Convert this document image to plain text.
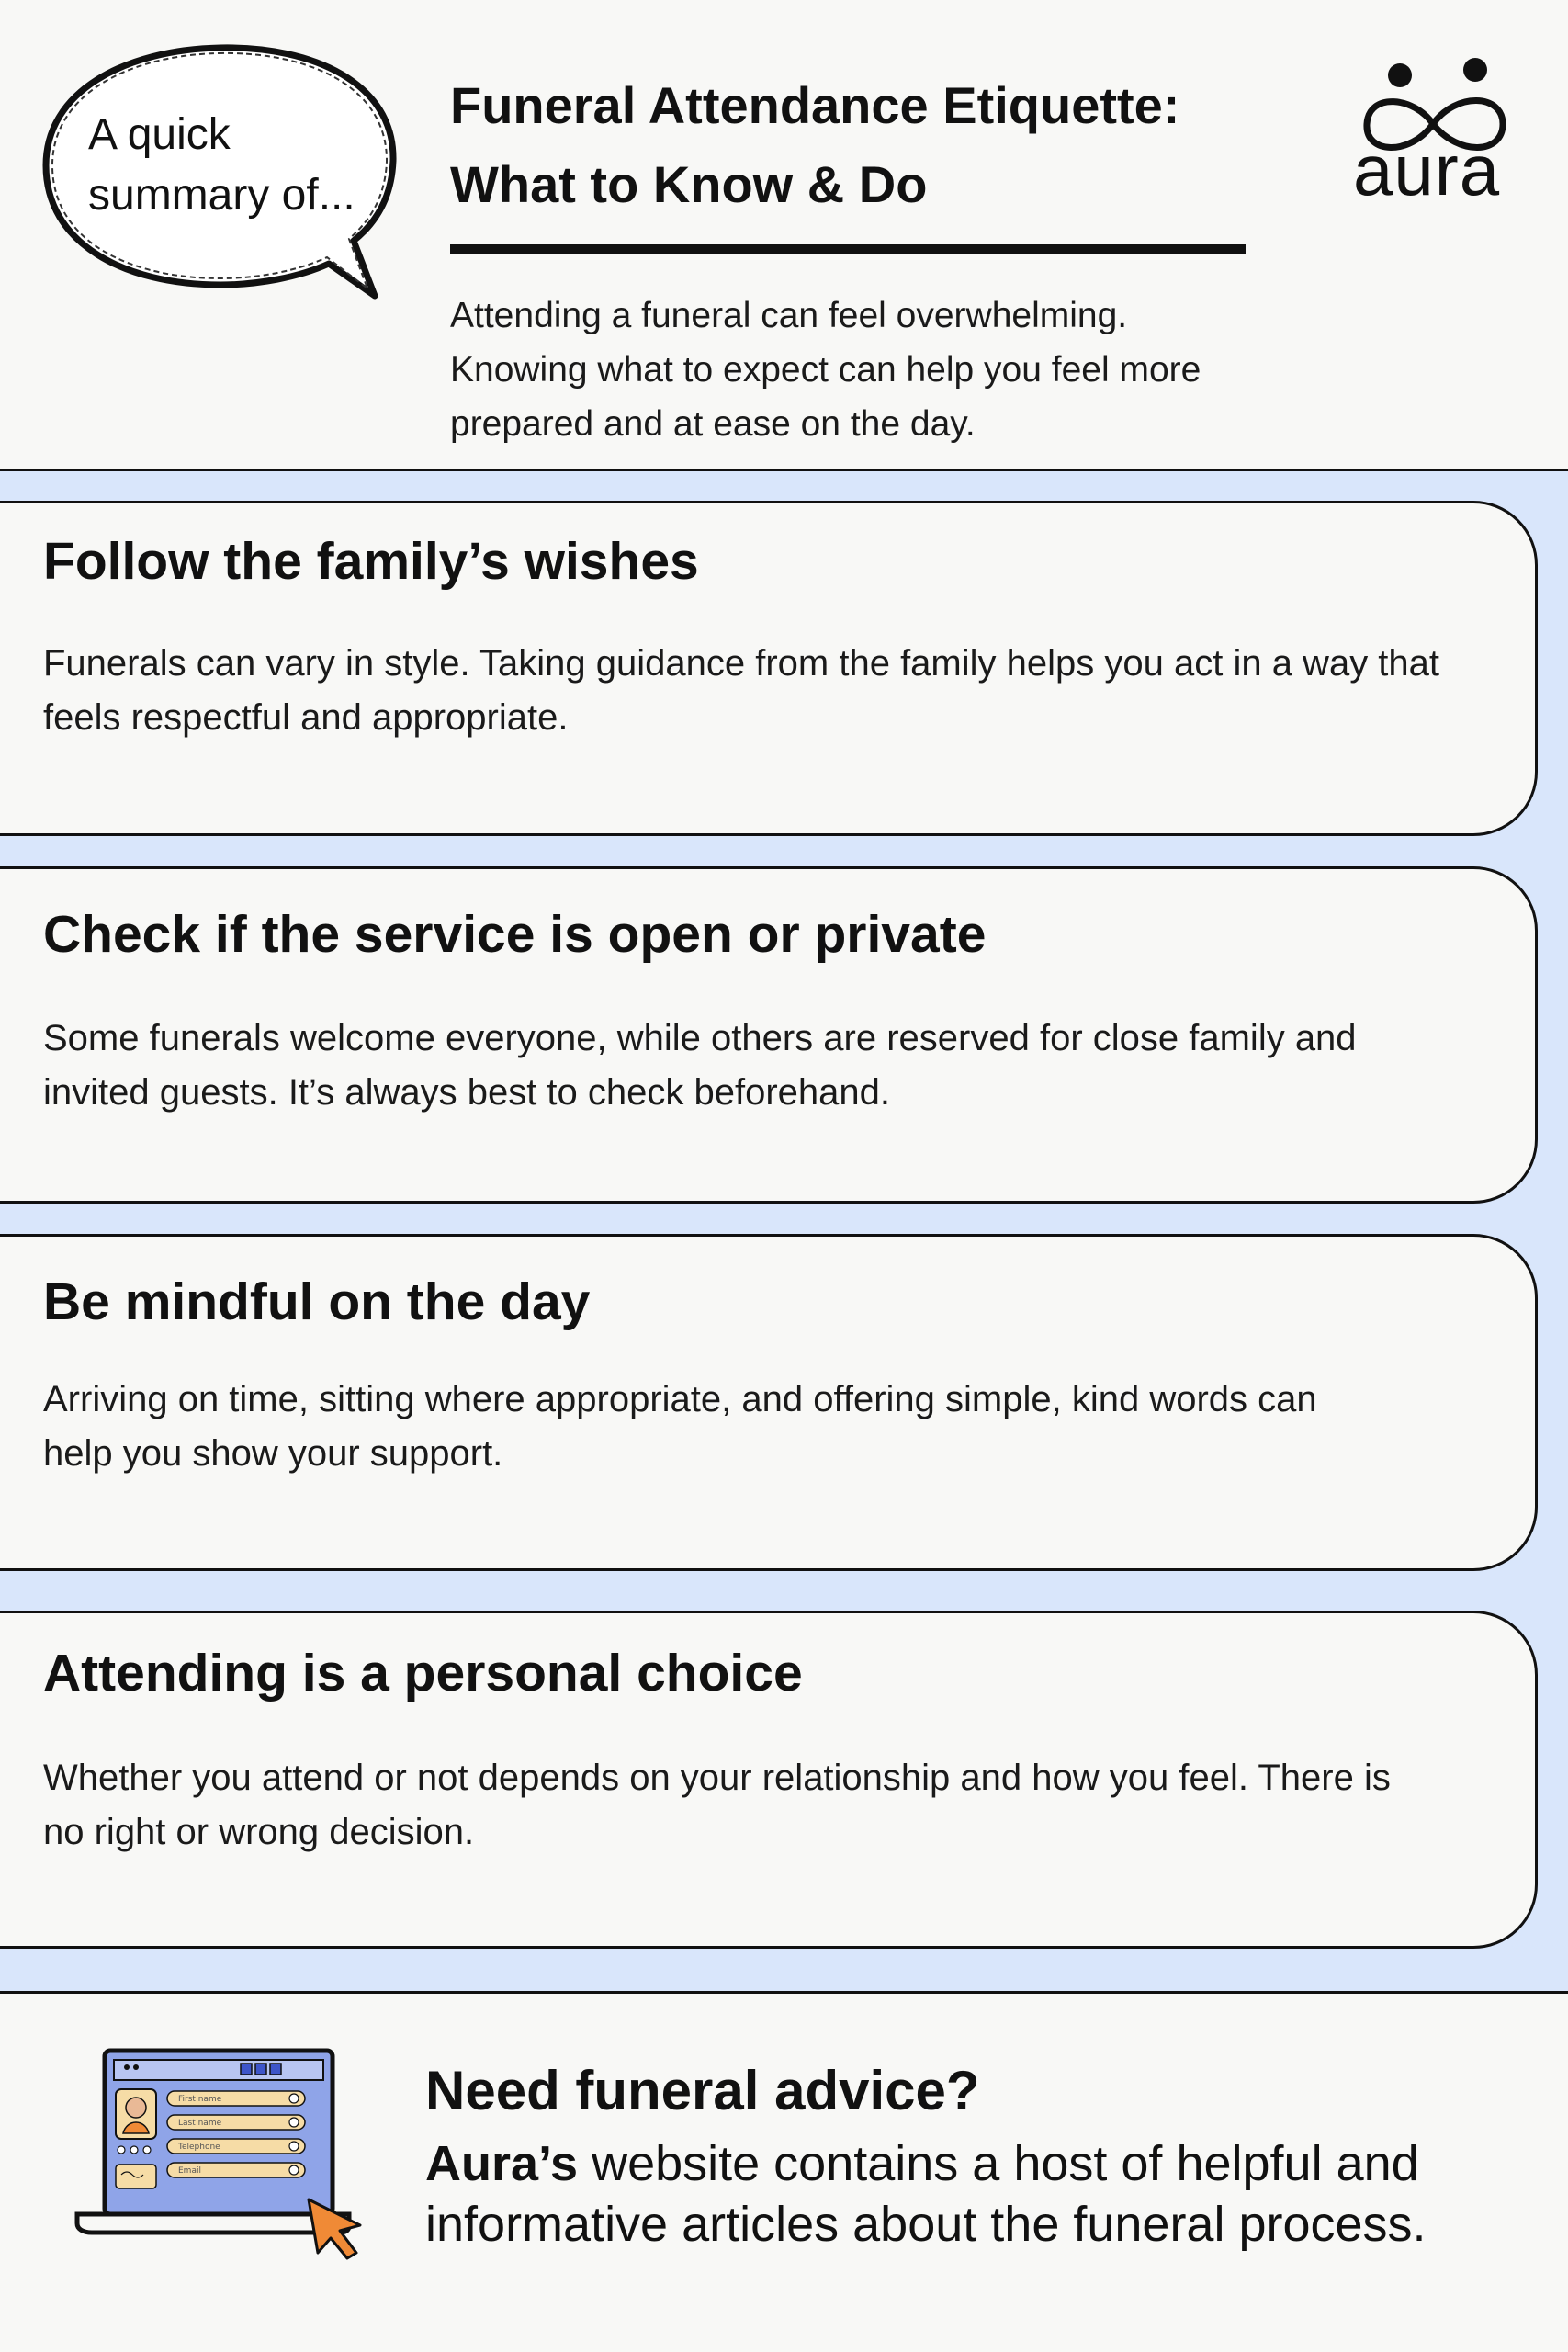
A quick
summary of...
Funeral Attendance Etiquette:
What to Know & Do
Attending a funeral can feel overwhelming.
Knowing what to expect can help you feel more
prepared and at ease on the day.
aura
Follow the family’s wishes
Funerals can vary in style. Taking guidance from the family helps you act in a way that
feels respectful and appropriate.
Check if the service is open or private
Some funerals welcome everyone, while others are reserved for close family and
invited guests. It’s always best to check beforehand.
Be mindful on the day
Arriving on time, sitting where appropriate, and offering simple, kind words can
help you show your support.
Attending is a personal choice
Whether you attend or not depends on your relationship and how you feel. There is
no right or wrong decision.
First name
Last name
Telephone
Email
Need funeral advice?
Aura’s website contains a host of helpful and
informative articles about the funeral process.
